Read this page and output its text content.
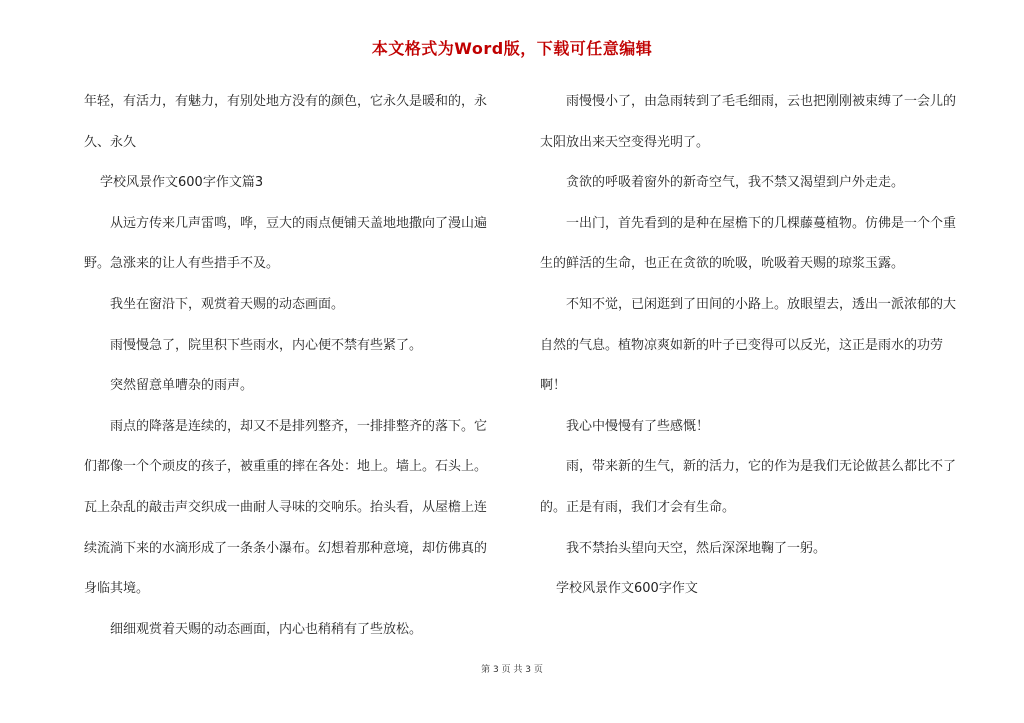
本文格式为Word版，下载可任意编辑

年轻，有活力，有魅力，有别处地方没有的颜色，它永久是暖和的，永久、永久

学校风景作文600字作文篇3

从远方传来几声雷鸣，哗，豆大的雨点便铺天盖地地撒向了漫山遍野。急涨来的让人有些措手不及。

我坐在窗沿下，观赏着天赐的动态画面。

雨慢慢急了，院里积下些雨水，内心便不禁有些紧了。

突然留意单嘈杂的雨声。

雨点的降落是连续的，却又不是排列整齐，一排排整齐的落下。它们都像一个个顽皮的孩子，被重重的摔在各处：地上。墙上。石头上。瓦上杂乱的敲击声交织成一曲耐人寻味的交响乐。抬头看，从屋檐上连续流淌下来的水滴形成了一条条小瀑布。幻想着那种意境，却仿佛真的身临其境。

细细观赏着天赐的动态画面，内心也稍稍有了些放松。

雨慢慢小了，由急雨转到了毛毛细雨，云也把刚刚被束缚了一会儿的太阳放出来天空变得光明了。

贪欲的呼吸着窗外的新奇空气，我不禁又渴望到户外走走。

一出门，首先看到的是种在屋檐下的几棵藤蔓植物。仿佛是一个个重生的鲜活的生命，也正在贪欲的吮吸，吮吸着天赐的琼浆玉露。

不知不觉，已闲逛到了田间的小路上。放眼望去，透出一派浓郁的大自然的气息。植物凉爽如新的叶子已变得可以反光，这正是雨水的功劳啊！

我心中慢慢有了些感慨！

雨，带来新的生气，新的活力，它的作为是我们无论做甚么都比不了的。正是有雨，我们才会有生命。

我不禁抬头望向天空，然后深深地鞠了一躬。

学校风景作文600字作文

第 3 页 共 3 页
